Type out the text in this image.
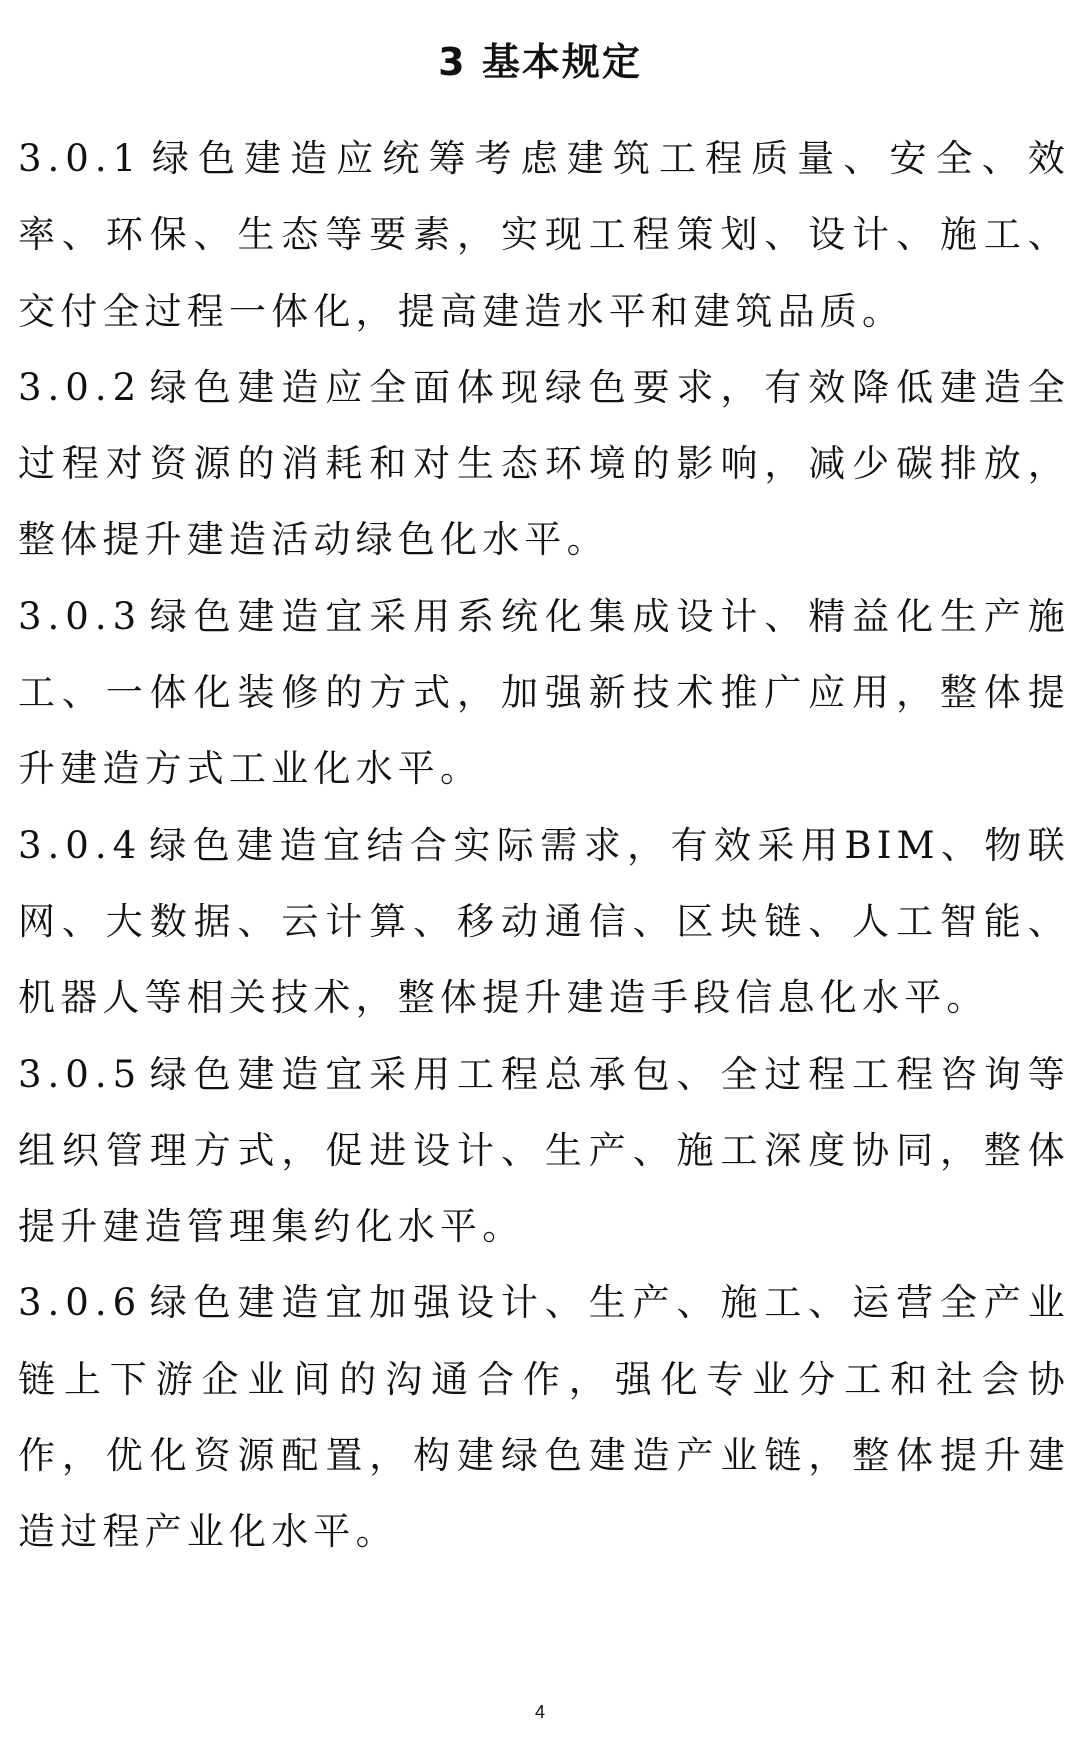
3 基本规定

3.0.1 绿色建造应统筹考虑建筑工程质量、安全、效率、环保、生态等要素，实现工程策划、设计、施工、交付全过程一体化，提高建造水平和建筑品质。

3.0.2 绿色建造应全面体现绿色要求，有效降低建造全过程对资源的消耗和对生态环境的影响，减少碳排放，整体提升建造活动绿色化水平。

3.0.3 绿色建造宜采用系统化集成设计、精益化生产施工、一体化装修的方式，加强新技术推广应用，整体提升建造方式工业化水平。

3.0.4 绿色建造宜结合实际需求，有效采用BIM、物联网、大数据、云计算、移动通信、区块链、人工智能、机器人等相关技术，整体提升建造手段信息化水平。

3.0.5 绿色建造宜采用工程总承包、全过程工程咨询等组织管理方式，促进设计、生产、施工深度协同，整体提升建造管理集约化水平。

3.0.6 绿色建造宜加强设计、生产、施工、运营全产业链上下游企业间的沟通合作，强化专业分工和社会协作，优化资源配置，构建绿色建造产业链，整体提升建造过程产业化水平。

4
